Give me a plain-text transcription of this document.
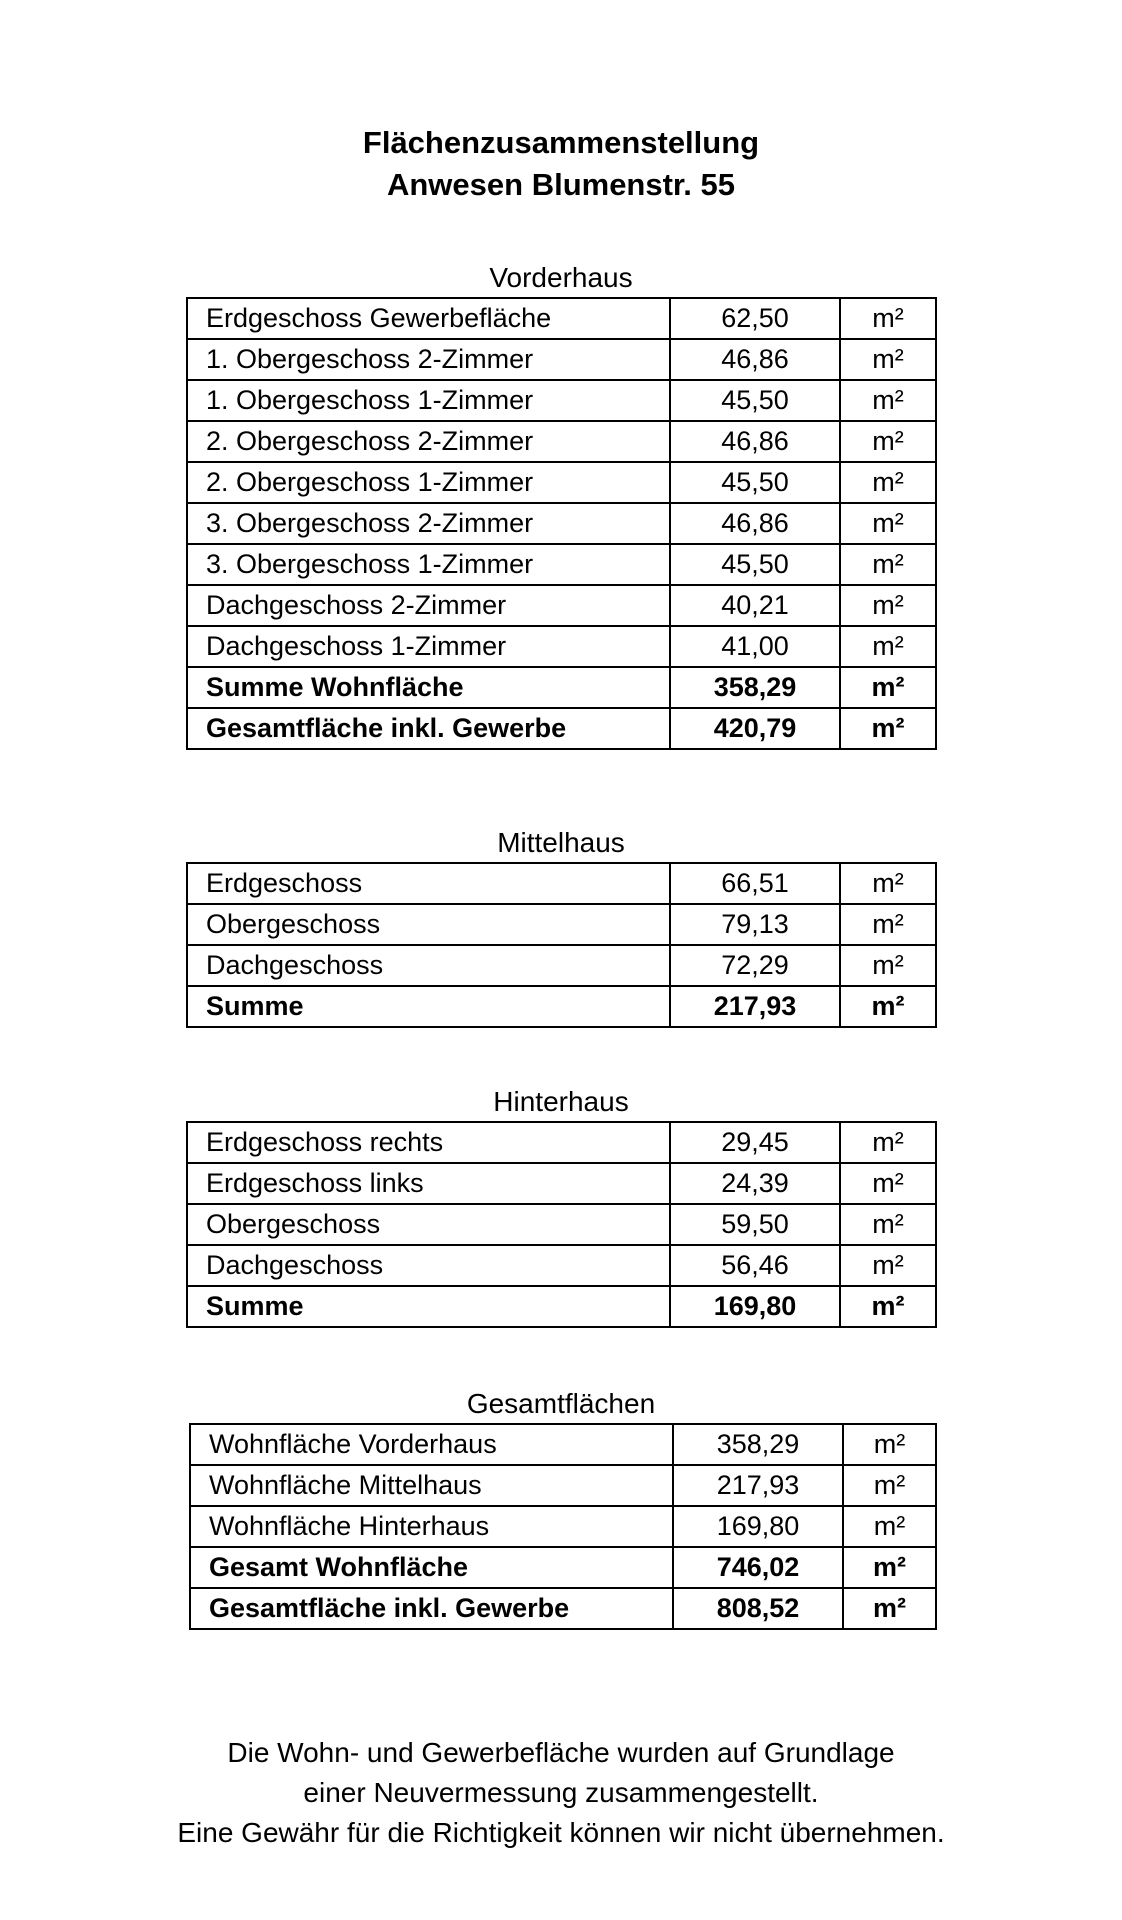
Flächenzusammenstellung
Anwesen Blumenstr. 55
Vorderhaus
Erdgeschoss Gewerbefläche	62,50	m²
1. Obergeschoss 2-Zimmer	46,86	m²
1. Obergeschoss 1-Zimmer	45,50	m²
2. Obergeschoss 2-Zimmer	46,86	m²
2. Obergeschoss 1-Zimmer	45,50	m²
3. Obergeschoss 2-Zimmer	46,86	m²
3. Obergeschoss 1-Zimmer	45,50	m²
Dachgeschoss 2-Zimmer	40,21	m²
Dachgeschoss 1-Zimmer	41,00	m²
Summe Wohnfläche	358,29	m²
Gesamtfläche inkl. Gewerbe	420,79	m²
Mittelhaus
Erdgeschoss	66,51	m²
Obergeschoss	79,13	m²
Dachgeschoss	72,29	m²
Summe	217,93	m²
Hinterhaus
Erdgeschoss rechts	29,45	m²
Erdgeschoss links	24,39	m²
Obergeschoss	59,50	m²
Dachgeschoss	56,46	m²
Summe	169,80	m²
Gesamtflächen
Wohnfläche Vorderhaus	358,29	m²
Wohnfläche Mittelhaus	217,93	m²
Wohnfläche Hinterhaus	169,80	m²
Gesamt Wohnfläche	746,02	m²
Gesamtfläche inkl. Gewerbe	808,52	m²
Die Wohn- und Gewerbefläche wurden auf Grundlage
einer Neuvermessung zusammengestellt.
Eine Gewähr für die Richtigkeit können wir nicht übernehmen.
